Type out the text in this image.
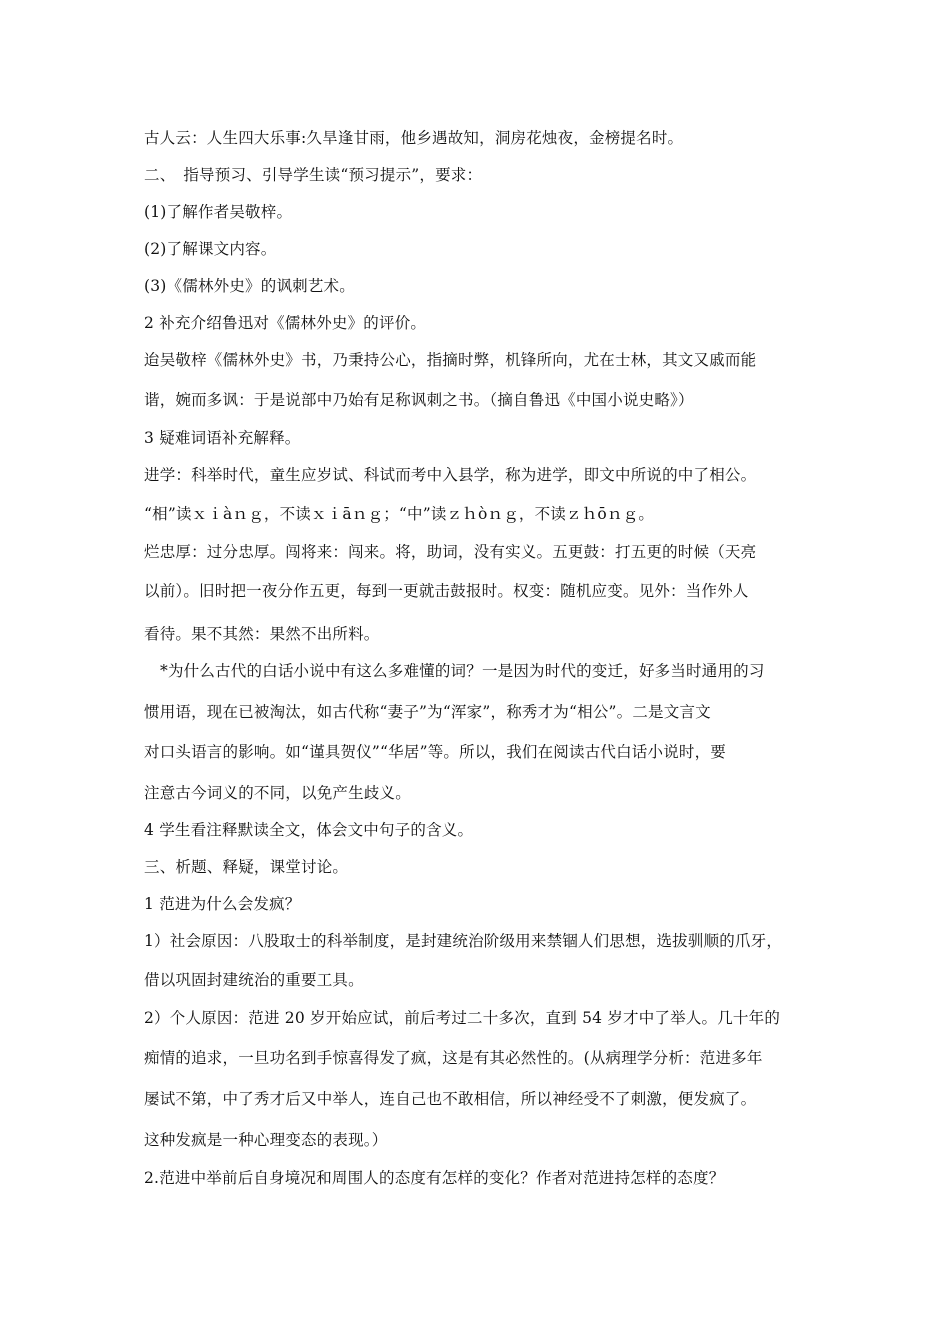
古人云：人生四大乐事:久旱逢甘雨，他乡遇故知，洞房花烛夜，金榜提名时。
二、　指导预习、引导学生读“预习提示”，要求：
(1)了解作者吴敬梓。
(2)了解课文内容。
(3)《儒林外史》的讽刺艺术。
2 补充介绍鲁迅对《儒林外史》的评价。
迨吴敬梓《儒林外史》书，乃秉持公心，指摘时弊，机锋所向，尤在士林，其文又戚而能
谐，婉而多讽：于是说部中乃始有足称讽刺之书。（摘自鲁迅《中国小说史略》）
3 疑难词语补充解释。
进学：科举时代，童生应岁试、科试而考中入县学，称为进学，即文中所说的中了相公。
“相”读ｘｉàｎｇ，不读ｘｉāｎｇ；“中”读ｚｈòｎｇ，不读ｚｈōｎｇ。
烂忠厚：过分忠厚。闯将来：闯来。将，助词，没有实义。五更鼓：打五更的时候（天亮
以前）。旧时把一夜分作五更，每到一更就击鼓报时。权变：随机应变。见外：当作外人
看待。果不其然：果然不出所料。
*为什么古代的白话小说中有这么多难懂的词？一是因为时代的变迁，好多当时通用的习
惯用语，现在已被淘汰，如古代称“妻子”为“浑家”，称秀才为“相公”。二是文言文
对口头语言的影响。如“谨具贺仪”“华居”等。所以，我们在阅读古代白话小说时，要
注意古今词义的不同，以免产生歧义。
4 学生看注释默读全文，体会文中句子的含义。
三、析题、释疑，课堂讨论。
1 范进为什么会发疯？
1）社会原因：八股取士的科举制度，是封建统治阶级用来禁锢人们思想，选拔驯顺的爪牙，
借以巩固封建统治的重要工具。
2）个人原因：范进 20 岁开始应试，前后考过二十多次，直到 54 岁才中了举人。几十年的
痴情的追求，一旦功名到手惊喜得发了疯，这是有其必然性的。(从病理学分析：范进多年
屡试不第，中了秀才后又中举人，连自己也不敢相信，所以神经受不了刺激，便发疯了。
这种发疯是一种心理变态的表现。）
2.范进中举前后自身境况和周围人的态度有怎样的变化？作者对范进持怎样的态度？
